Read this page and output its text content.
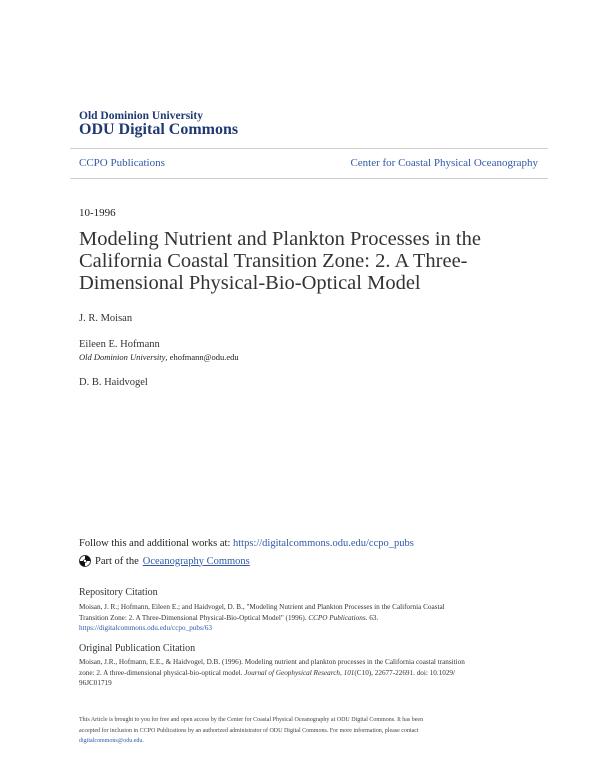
Old Dominion University
ODU Digital Commons
CCPO Publications	Center for Coastal Physical Oceanography
10-1996
Modeling Nutrient and Plankton Processes in the California Coastal Transition Zone: 2. A Three-Dimensional Physical-Bio-Optical Model
J. R. Moisan
Eileen E. Hofmann
Old Dominion University, ehofmann@odu.edu
D. B. Haidvogel
Follow this and additional works at: https://digitalcommons.odu.edu/ccpo_pubs
Part of the Oceanography Commons
Repository Citation
Moisan, J. R.; Hofmann, Eileen E.; and Haidvogel, D. B., "Modeling Nutrient and Plankton Processes in the California Coastal
Transition Zone: 2. A Three-Dimensional Physical-Bio-Optical Model" (1996). CCPO Publications. 63.
https://digitalcommons.odu.edu/ccpo_pubs/63
Original Publication Citation
Moisan, J.R., Hofmann, E.E., & Haidvogel, D.B. (1996). Modeling nutrient and plankton processes in the California coastal transition
zone: 2. A three-dimensional physical-bio-optical model. Journal of Geophysical Research, 101(C10), 22677-22691. doi: 10.1029/
96JC01719
This Article is brought to you for free and open access by the Center for Coastal Physical Oceanography at ODU Digital Commons. It has been
accepted for inclusion in CCPO Publications by an authorized administrator of ODU Digital Commons. For more information, please contact
digitalcommons@odu.edu.
